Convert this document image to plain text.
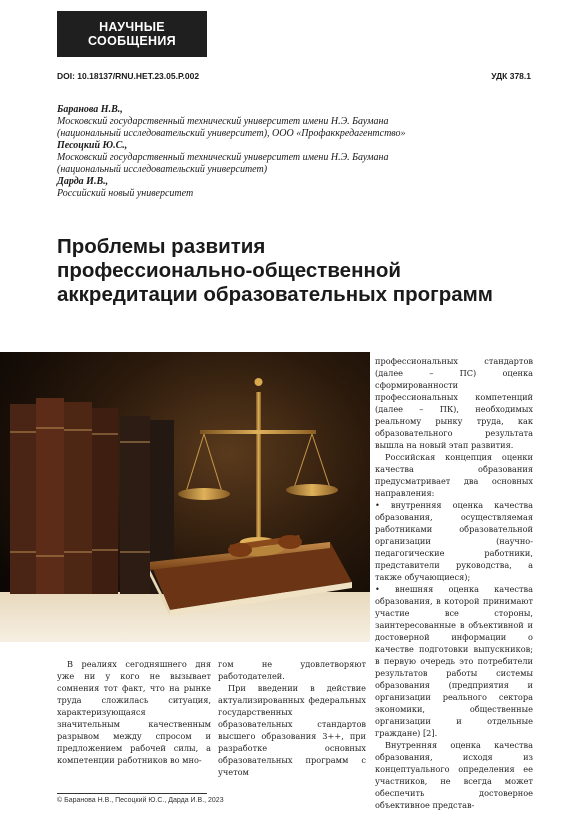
НАУЧНЫЕ
СООБЩЕНИЯ
DOI: 10.18137/RNU.HET.23.05.P.002	УДК 378.1
Баранова Н.В.,
Московский государственный технический университет имени Н.Э. Баумана
(национальный исследовательский университет), ООО «Профаккредагентство»
Песоцкий Ю.С.,
Московский государственный технический университет имени Н.Э. Баумана
(национальный исследовательский университет)
Дарда И.В.,
Российский новый университет
Проблемы развития
профессионально-общественной
аккредитации образовательных программ

В реалиях сегодняшнего дня уже ни у кого не вызывает сомнения тот факт, что на рынке труда сложилась ситуация, характеризующаяся значительным качественным разрывом между спросом и предложением рабочей силы, а компетенции работников во мно-

гом не удовлетворяют работодателей.

При введении в действие актуализированных федеральных государственных образовательных стандартов высшего образования 3++, при разработке основных образовательных программ с учетом

профессиональных стандартов (далее – ПС) оценка сформированности профессиональных компетенций (далее – ПК), необходимых реальному рынку труда, как образовательного результата вышла на новый этап развития.

Российская концепция оценки качества образования предусматривает два основных направления:

• внутренняя оценка качества образования, осуществляемая работниками образовательной организации (научно-педагогические работники, представители руководства, а также обучающиеся);

• внешняя оценка качества образования, в которой принимают участие все стороны, заинтересованные в объективной и достоверной информации о качестве подготовки выпускников; в первую очередь это потребители результатов работы системы образования (предприятия и организации реального сектора экономики, общественные организации и отдельные граждане) [2].

Внутренняя оценка качества образования, исходя из концептуального определения ее участников, не всегда может обеспечить достоверное объективное представ-

© Баранова Н.В., Песоцкий Ю.С., Дарда И.В., 2023
